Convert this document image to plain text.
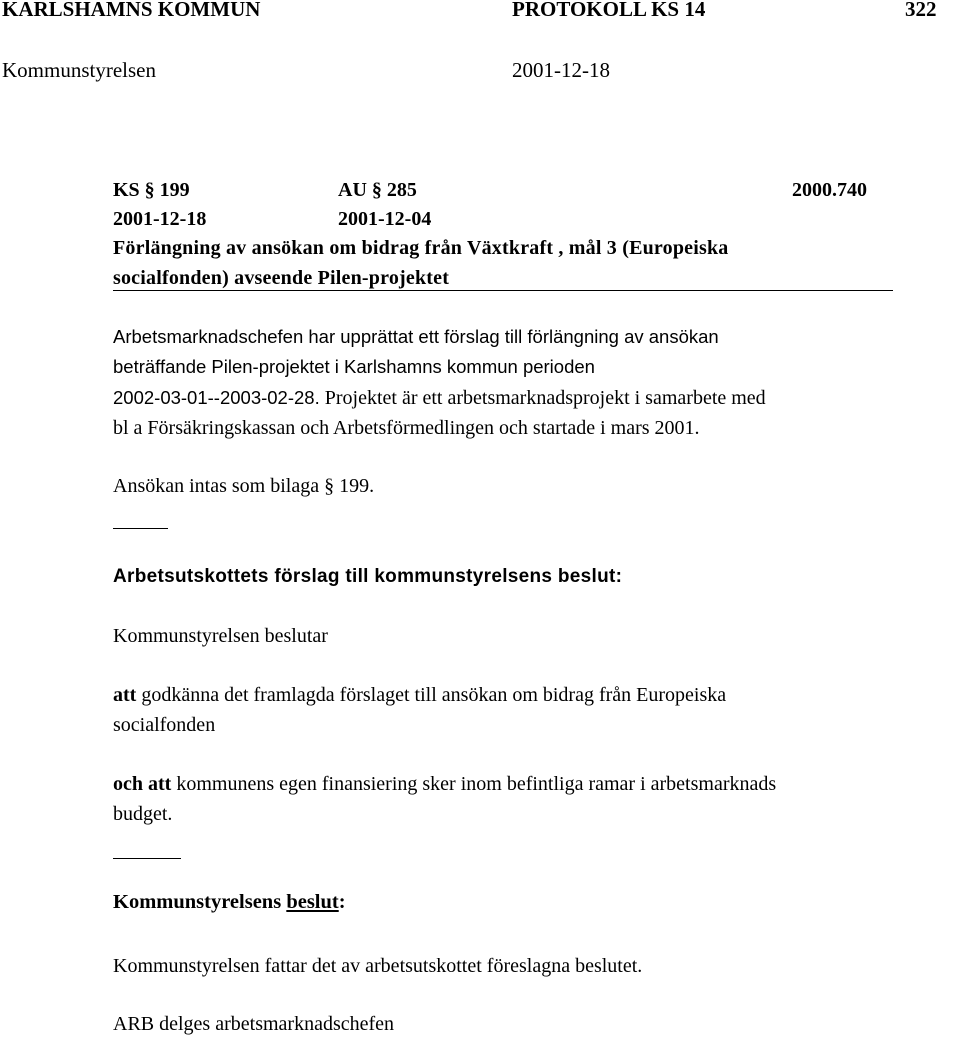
KARLSHAMNS KOMMUN	PROTOKOLL KS 14	322
Kommunstyrelsen	2001-12-18
KS § 199	AU § 285	2000.740
2001-12-18	2001-12-04
Förlängning av ansökan om bidrag från Växtkraft , mål 3 (Europeiska
socialfonden) avseende Pilen-projektet
Arbetsmarknadschefen har upprättat ett förslag till förlängning av ansökan
beträffande Pilen-projektet i Karlshamns kommun perioden
2002-03-01--2003-02-28. Projektet är ett arbetsmarknadsprojekt i samarbete med
bl a Försäkringskassan och Arbetsförmedlingen och startade i mars 2001.
Ansökan intas som bilaga § 199.
Arbetsutskottets förslag till kommunstyrelsens beslut:
Kommunstyrelsen beslutar
att godkänna det framlagda förslaget till ansökan om bidrag från Europeiska
socialfonden
och att kommunens egen finansiering sker inom befintliga ramar i arbetsmarknads
budget.
Kommunstyrelsens beslut:
Kommunstyrelsen fattar det av arbetsutskottet föreslagna beslutet.
ARB delges arbetsmarknadschefen
